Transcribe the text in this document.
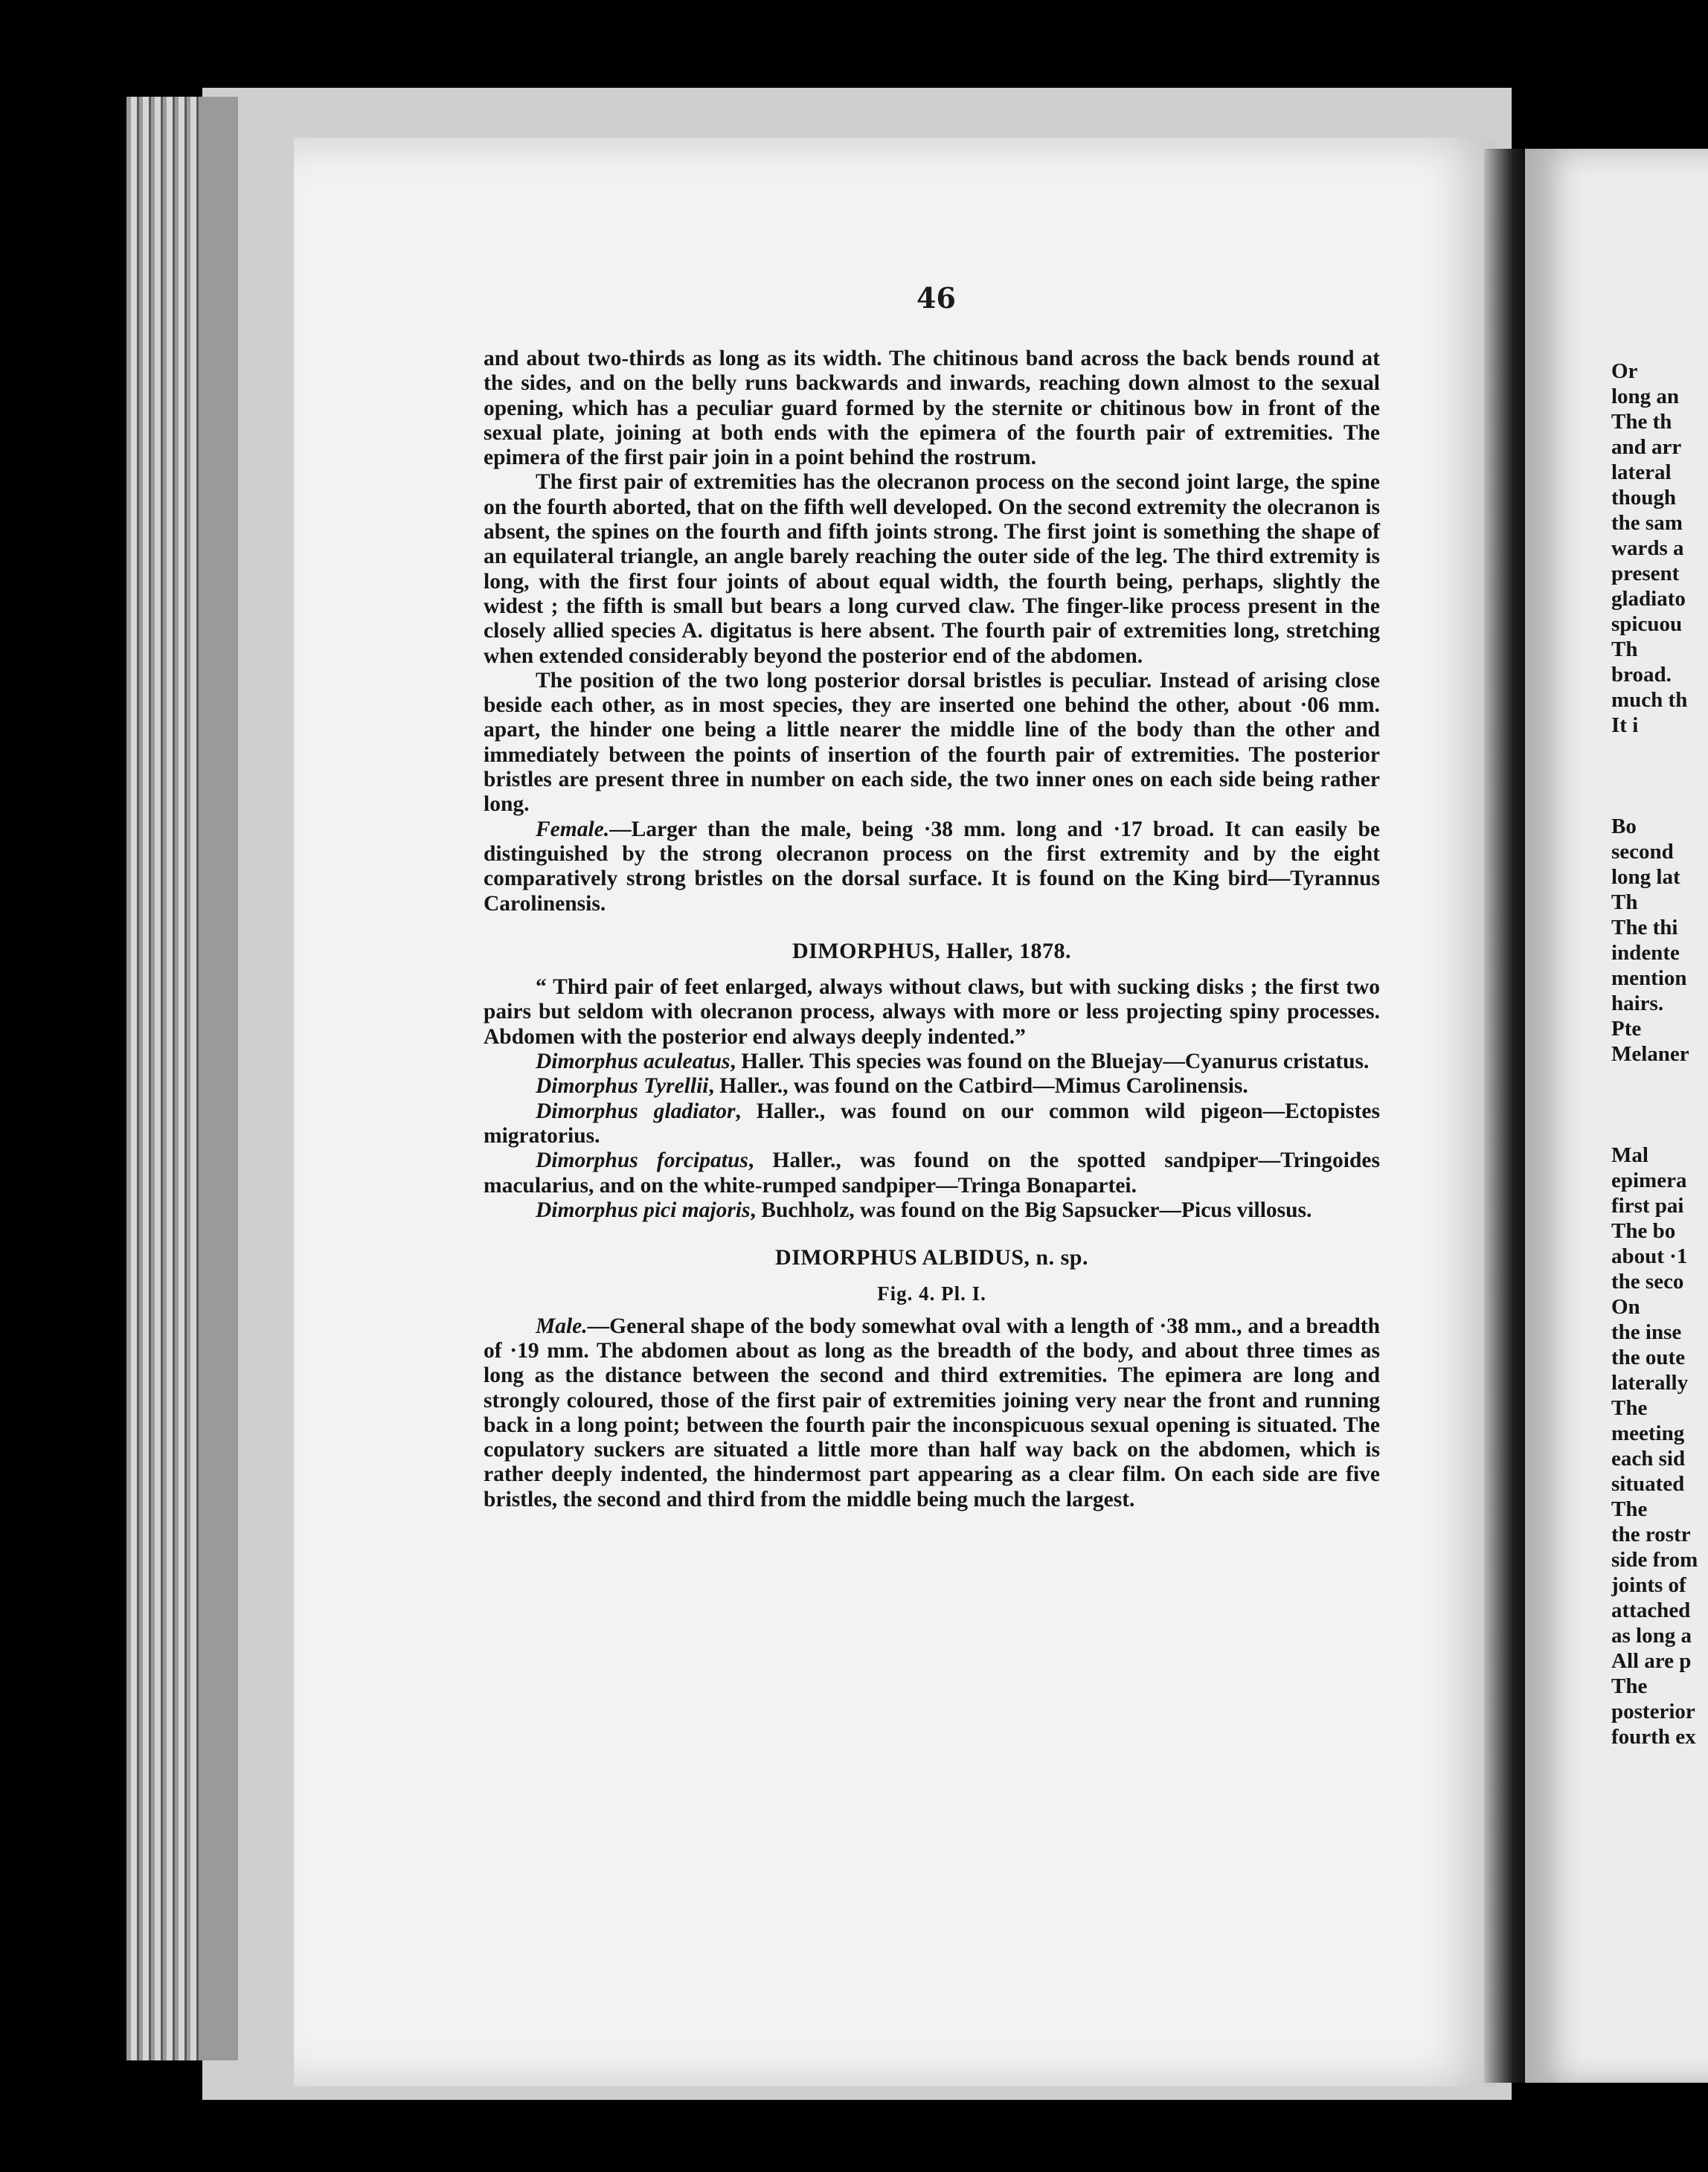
46

and about two-thirds as long as its width. The chitinous band across the back bends round at the sides, and on the belly runs backwards and inwards, reaching down almost to the sexual opening, which has a peculiar guard formed by the sternite or chitinous bow in front of the sexual plate, joining at both ends with the epimera of the fourth pair of extremities. The epimera of the first pair join in a point behind the rostrum.

The first pair of extremities has the olecranon process on the second joint large, the spine on the fourth aborted, that on the fifth well developed. On the second extremity the olecranon is absent, the spines on the fourth and fifth joints strong. The first joint is something the shape of an equilateral triangle, an angle barely reaching the outer side of the leg. The third extremity is long, with the first four joints of about equal width, the fourth being, perhaps, slightly the widest ; the fifth is small but bears a long curved claw. The finger-like process present in the closely allied species A. digitatus is here absent. The fourth pair of extremities long, stretching when extended considerably beyond the posterior end of the abdomen.

The position of the two long posterior dorsal bristles is peculiar. Instead of arising close beside each other, as in most species, they are inserted one behind the other, about ·06 mm. apart, the hinder one being a little nearer the middle line of the body than the other and immediately between the points of insertion of the fourth pair of extremities. The posterior bristles are present three in number on each side, the two inner ones on each side being rather long.

Female.—Larger than the male, being ·38 mm. long and ·17 broad. It can easily be distinguished by the strong olecranon process on the first extremity and by the eight comparatively strong bristles on the dorsal surface. It is found on the King bird—Tyrannus Carolinensis.

DIMORPHUS, Haller, 1878.

“ Third pair of feet enlarged, always without claws, but with sucking disks ; the first two pairs but seldom with olecranon process, always with more or less projecting spiny processes. Abdomen with the posterior end always deeply indented.”

Dimorphus aculeatus, Haller. This species was found on the Bluejay—Cyanurus cristatus.

Dimorphus Tyrellii, Haller., was found on the Catbird—Mimus Carolinensis.

Dimorphus gladiator, Haller., was found on our common wild pigeon—Ectopistes migratorius.

Dimorphus forcipatus, Haller., was found on the spotted sandpiper—Tringoides macularius, and on the white-rumped sandpiper—Tringa Bonapartei.

Dimorphus pici majoris, Buchholz, was found on the Big Sapsucker—Picus villosus.

DIMORPHUS ALBIDUS, n. sp.
Fig. 4. Pl. I.

Male.—General shape of the body somewhat oval with a length of ·38 mm., and a breadth of ·19 mm. The abdomen about as long as the breadth of the body, and about three times as long as the distance between the second and third extremities. The epimera are long and strongly coloured, those of the first pair of extremities joining very near the front and running back in a long point; between the fourth pair the inconspicuous sexual opening is situated. The copulatory suckers are situated a little more than half way back on the abdomen, which is rather deeply indented, the hindermost part appearing as a clear film. On each side are five bristles, the second and third from the middle being much the largest.

Or
long an
The th
and arr
lateral
though
the sam
wards a
present
gladiato
spicuou
Th
broad.
much th
It i
Bo
second
long lat
Th
The thi
indente
mention
hairs.
Pte
Melaner
Mal
epimera
first pai
The bo
about ·1
the seco
On
the inse
the oute
laterally
The
meeting
each sid
situated
The
the rostr
side from
joints of
attached
as long a
All are p
The
posterior
fourth ex
